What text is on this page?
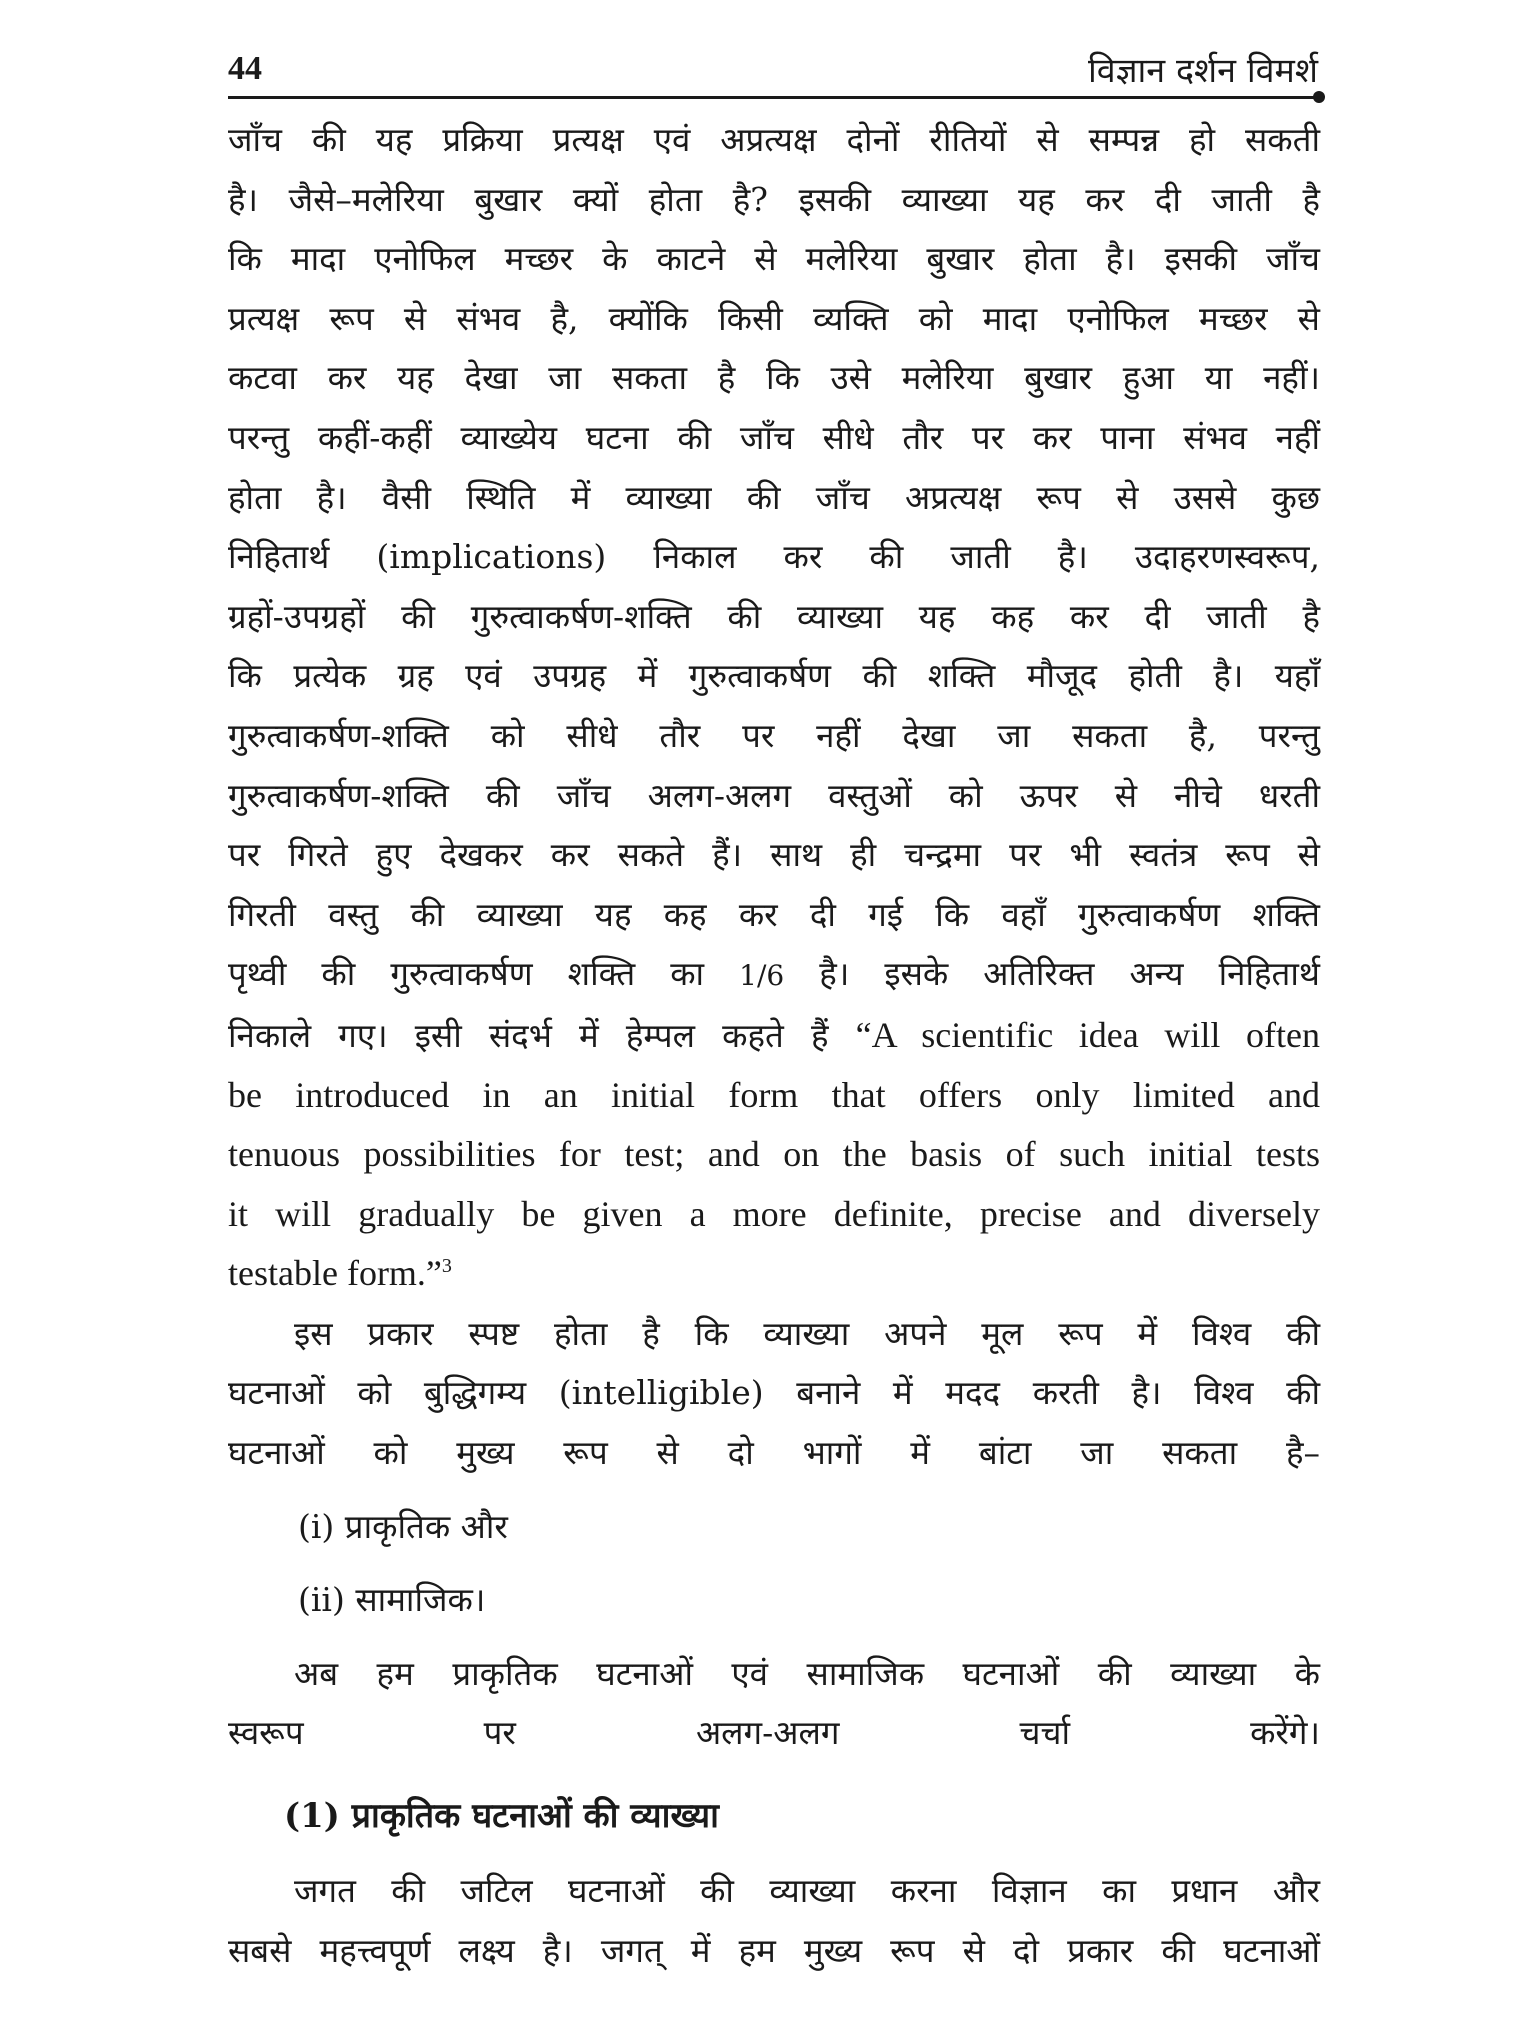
44	विज्ञान दर्शन विमर्श
जाँच की यह प्रक्रिया प्रत्यक्ष एवं अप्रत्यक्ष दोनों रीतियों से सम्पन्न हो सकती
है। जैसे–मलेरिया बुखार क्यों होता है? इसकी व्याख्या यह कर दी जाती है
कि मादा एनोफिल मच्छर के काटने से मलेरिया बुखार होता है। इसकी जाँच
प्रत्यक्ष रूप से संभव है, क्योंकि किसी व्यक्ति को मादा एनोफिल मच्छर से
कटवा कर यह देखा जा सकता है कि उसे मलेरिया बुखार हुआ या नहीं।
परन्तु कहीं-कहीं व्याख्येय घटना की जाँच सीधे तौर पर कर पाना संभव नहीं
होता है। वैसी स्थिति में व्याख्या की जाँच अप्रत्यक्ष रूप से उससे कुछ
निहितार्थ (implications) निकाल कर की जाती है। उदाहरणस्वरूप,
ग्रहों-उपग्रहों की गुरुत्वाकर्षण-शक्ति की व्याख्या यह कह कर दी जाती है
कि प्रत्येक ग्रह एवं उपग्रह में गुरुत्वाकर्षण की शक्ति मौजूद होती है। यहाँ
गुरुत्वाकर्षण-शक्ति को सीधे तौर पर नहीं देखा जा सकता है, परन्तु
गुरुत्वाकर्षण-शक्ति की जाँच अलग-अलग वस्तुओं को ऊपर से नीचे धरती
पर गिरते हुए देखकर कर सकते हैं। साथ ही चन्द्रमा पर भी स्वतंत्र रूप से
गिरती वस्तु की व्याख्या यह कह कर दी गई कि वहाँ गुरुत्वाकर्षण शक्ति
पृथ्वी की गुरुत्वाकर्षण शक्ति का 1/6 है। इसके अतिरिक्त अन्य निहितार्थ
निकाले गए। इसी संदर्भ में हेम्पल कहते हैं “A scientific idea will often
be introduced in an initial form that offers only limited and
tenuous possibilities for test; and on the basis of such initial tests
it will gradually be given a more definite, precise and diversely
testable form.”$^3$
इस प्रकार स्पष्ट होता है कि व्याख्या अपने मूल रूप में विश्व की
घटनाओं को बुद्धिगम्य (intelligible) बनाने में मदद करती है। विश्व की
घटनाओं को मुख्य रूप से दो भागों में बांटा जा सकता है–
(i) प्राकृतिक और
(ii) सामाजिक।
अब हम प्राकृतिक घटनाओं एवं सामाजिक घटनाओं की व्याख्या के
स्वरूप पर अलग-अलग चर्चा करेंगे।
(1) प्राकृतिक घटनाओं की व्याख्या
जगत की जटिल घटनाओं की व्याख्या करना विज्ञान का प्रधान और
सबसे महत्त्वपूर्ण लक्ष्य है। जगत् में हम मुख्य रूप से दो प्रकार की घटनाओं
